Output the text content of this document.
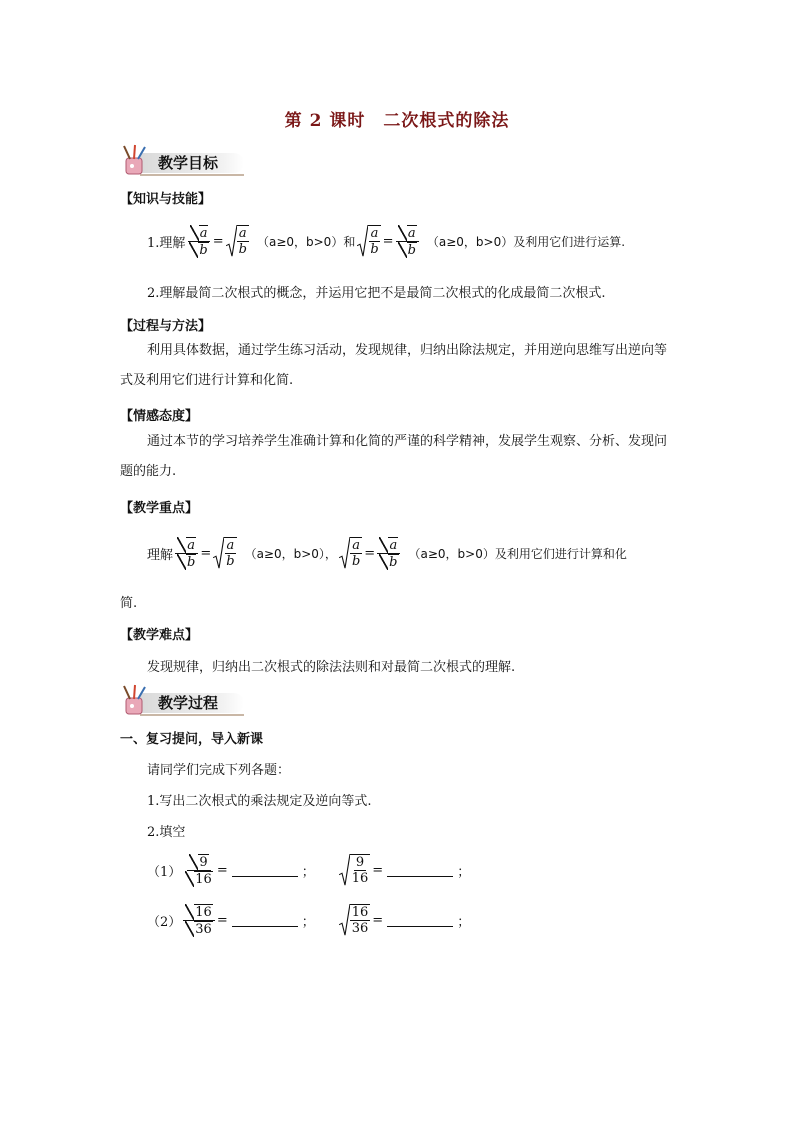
第 2 课时　二次根式的除法
教学目标
【知识与技能】
1.理解 $\frac{a}{b} = \frac{a}{b} (a\ge 0$，b>0）和 $\frac{a}{b} = \frac{a}{b} (a\ge 0$，b>0）及利用它们进行运算.
2.理解最简二次根式的概念，并运用它把不是最简二次根式的化成最简二次根式.
【过程与方法】
利用具体数据，通过学生练习活动，发现规律，归纳出除法规定，并用逆向思维写出逆向等式及利用它们进行计算和化简.
【情感态度】
通过本节的学习培养学生准确计算和化简的严谨的科学精神，发展学生观察、分析、发现问题的能力.
【教学重点】
理解 $\frac{a}{b} = \frac{a}{b} (a\ge 0$，b>0）， $\frac{a}{b} = \frac{a}{b} (a\ge 0$，b>0）及利用它们进行计算和化
简.
【教学难点】
发现规律，归纳出二次根式的除法法则和对最简二次根式的理解.
教学过程
一、复习提问，导入新课
请同学们完成下列各题：
1.写出二次根式的乘法规定及逆向等式.
2.填空
$(1) \frac{9}{16}$ =	；	$\frac{9}{16}$ =	；
$(2) \frac{16}{36}$ =	；	$\frac{16}{36}$ =	；
